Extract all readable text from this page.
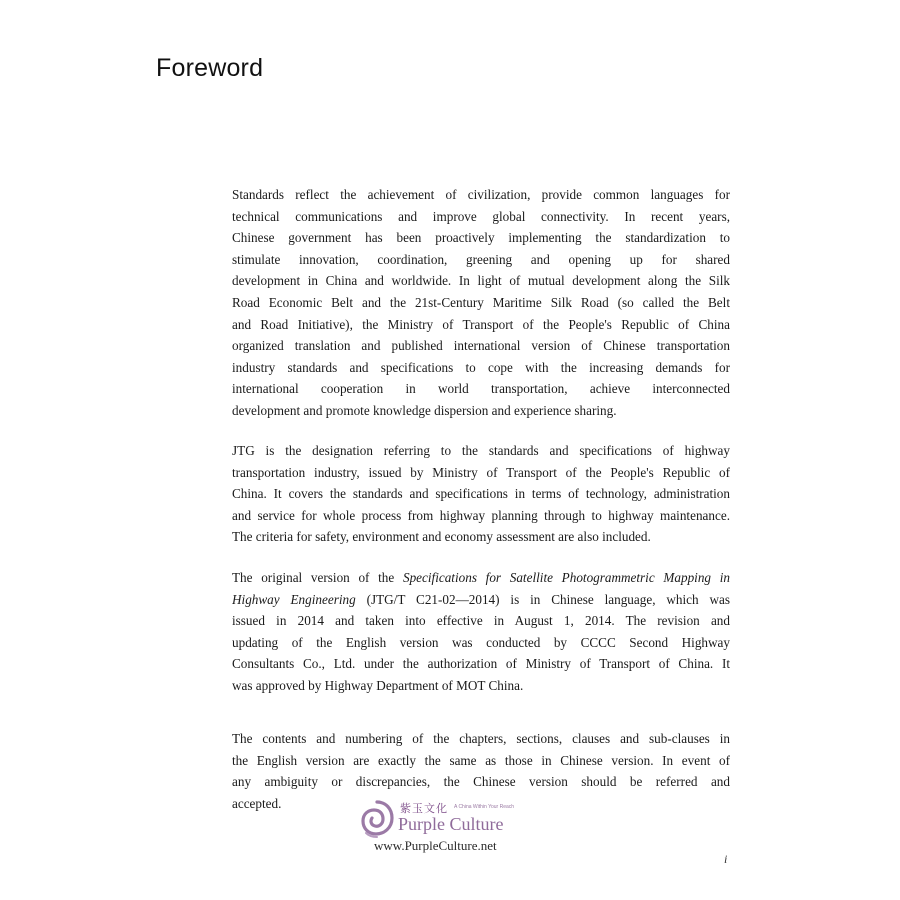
Foreword
Standards reflect the achievement of civilization, provide common languages for
technical communications and improve global connectivity. In recent years,
Chinese government has been proactively implementing the standardization to
stimulate innovation, coordination, greening and opening up for shared
development in China and worldwide. In light of mutual development along the Silk
Road Economic Belt and the 21st-Century Maritime Silk Road (so called the Belt
and Road Initiative), the Ministry of Transport of the People's Republic of China
organized translation and published international version of Chinese transportation
industry standards and specifications to cope with the increasing demands for
international cooperation in world transportation, achieve interconnected
development and promote knowledge dispersion and experience sharing.
JTG is the designation referring to the standards and specifications of highway
transportation industry, issued by Ministry of Transport of the People's Republic of
China. It covers the standards and specifications in terms of technology, administration
and service for whole process from highway planning through to highway maintenance.
The criteria for safety, environment and economy assessment are also included.
The original version of the Specifications for Satellite Photogrammetric Mapping in
Highway Engineering (JTG/T C21-02—2014) is in Chinese language, which was
issued in 2014 and taken into effective in August 1, 2014. The revision and
updating of the English version was conducted by CCCC Second Highway
Consultants Co., Ltd. under the authorization of Ministry of Transport of China. It
was approved by Highway Department of MOT China.
The contents and numbering of the chapters, sections, clauses and sub-clauses in
the English version are exactly the same as those in Chinese version. In event of
any ambiguity or discrepancies, the Chinese version should be referred and
accepted.	紫玉文化 A China Within Your Reach
Purple Culture
www.PurpleCulture.net
i
